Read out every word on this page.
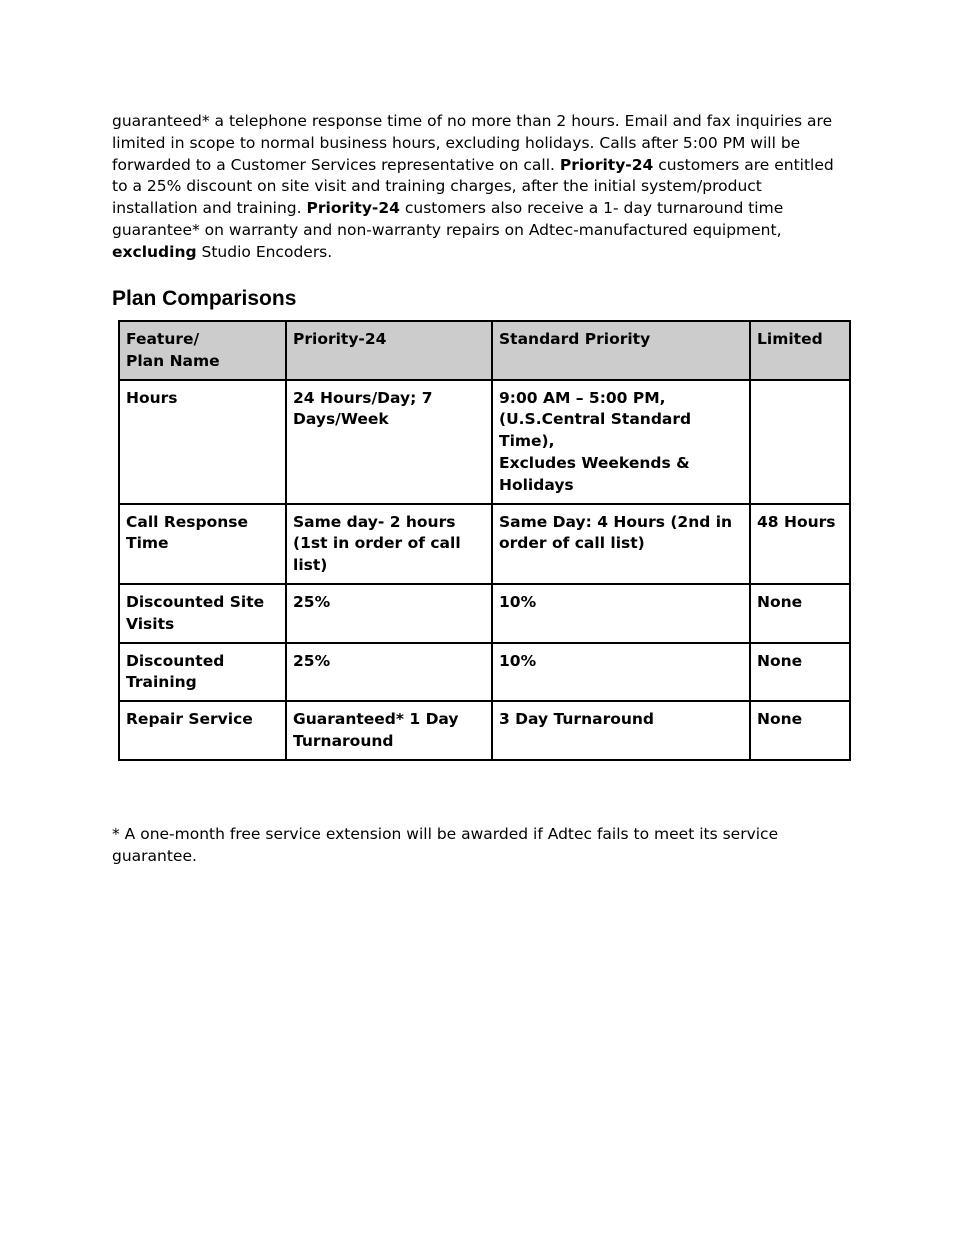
guaranteed* a telephone response time of no more than 2 hours. Email and fax inquiries are limited in scope to normal business hours, excluding holidays. Calls after 5:00 PM will be forwarded to a Customer Services representative on call. Priority-24 customers are entitled to a 25% discount on site visit and training charges, after the initial system/product installation and training. Priority-24 customers also receive a 1- day turnaround time guarantee* on warranty and non-warranty repairs on Adtec-manufactured equipment, excluding Studio Encoders.

Plan Comparisons
Feature/
Plan Name	Priority-24	Standard Priority	Limited
Hours	24 Hours/Day; 7 Days/Week	9:00 AM – 5:00 PM,
(U.S.Central Standard Time),
Excludes Weekends & Holidays	
Call Response Time	Same day- 2 hours (1st in order of call list)	Same Day: 4 Hours (2nd in order of call list)	48 Hours
Discounted Site Visits	25%	10%	None
Discounted Training	25%	10%	None
Repair Service	Guaranteed* 1 Day Turnaround	3 Day Turnaround	None

* A one-month free service extension will be awarded if Adtec fails to meet its service guarantee.
